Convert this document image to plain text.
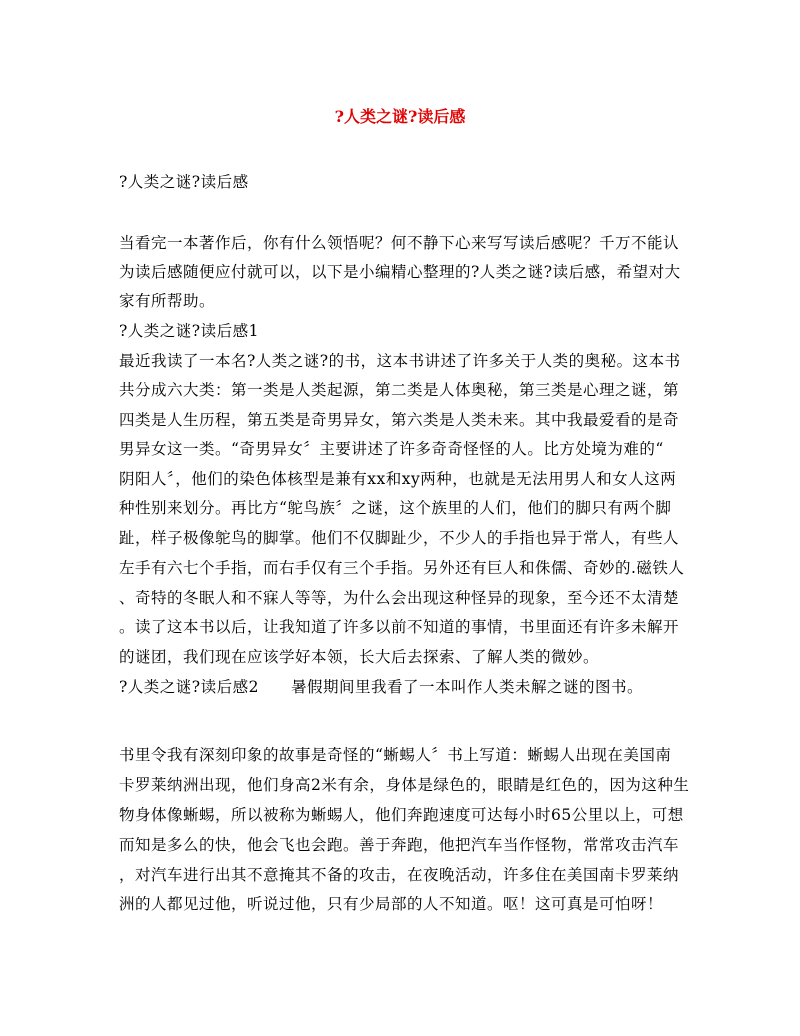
?人类之谜?读后感

?人类之谜?读后感

当看完一本著作后，你有什么领悟呢？何不静下心来写写读后感呢？千万不能认

为读后感随便应付就可以，以下是小编精心整理的?人类之谜?读后感，希望对大

家有所帮助。

?人类之谜?读后感1

最近我读了一本名?人类之谜?的书，这本书讲述了许多关于人类的奥秘。这本书

共分成六大类：第一类是人类起源，第二类是人体奥秘，第三类是心理之谜，第

四类是人生历程，第五类是奇男异女，第六类是人类未来。其中我最爱看的是奇

男异女这一类。“奇男异女〞主要讲述了许多奇奇怪怪的人。比方处境为难的“

阴阳人〞，他们的染色体核型是兼有xx和xy两种，也就是无法用男人和女人这两

种性别来划分。再比方“鸵鸟族〞之谜，这个族里的人们，他们的脚只有两个脚

趾，样子极像鸵鸟的脚掌。他们不仅脚趾少，不少人的手指也异于常人，有些人

左手有六七个手指，而右手仅有三个手指。另外还有巨人和侏儒、奇妙的.磁铁人

、奇特的冬眠人和不寐人等等，为什么会出现这种怪异的现象，至今还不太清楚

。读了这本书以后，让我知道了许多以前不知道的事情，书里面还有许多未解开

的谜团，我们现在应该学好本领，长大后去探索、了解人类的微妙。

?人类之谜?读后感2　　暑假期间里我看了一本叫作人类未解之谜的图书。

书里令我有深刻印象的故事是奇怪的“蜥蜴人〞书上写道：蜥蜴人出现在美国南

卡罗莱纳洲出现，他们身高2米有余，身体是绿色的，眼睛是红色的，因为这种生

物身体像蜥蜴，所以被称为蜥蜴人，他们奔跑速度可达每小时65公里以上，可想

而知是多么的快，他会飞也会跑。善于奔跑，他把汽车当作怪物，常常攻击汽车

，对汽车进行出其不意掩其不备的攻击，在夜晚活动，许多住在美国南卡罗莱纳

洲的人都见过他，听说过他，只有少局部的人不知道。呕！这可真是可怕呀！
